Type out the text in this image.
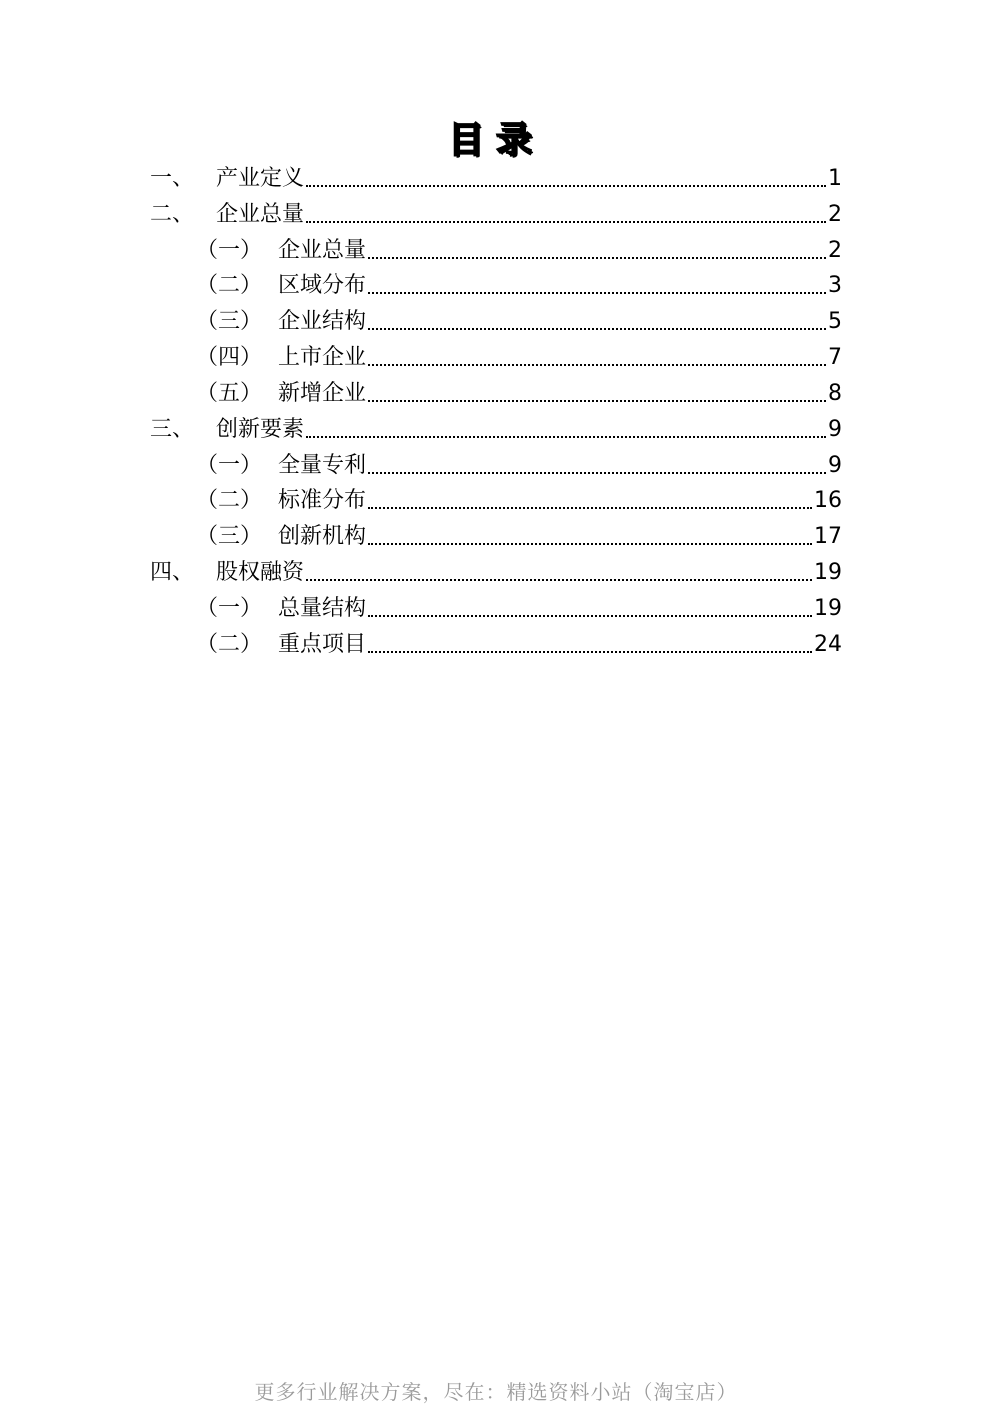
目录
一、 产业定义	1
二、 企业总量	2
（一） 企业总量	2
（二） 区域分布	3
（三） 企业结构	5
（四） 上市企业	7
（五） 新增企业	8
三、 创新要素	9
（一） 全量专利	9
（二） 标准分布	16
（三） 创新机构	17
四、 股权融资	19
（一） 总量结构	19
（二） 重点项目	24
更多行业解决方案，尽在：精选资料小站（淘宝店）
